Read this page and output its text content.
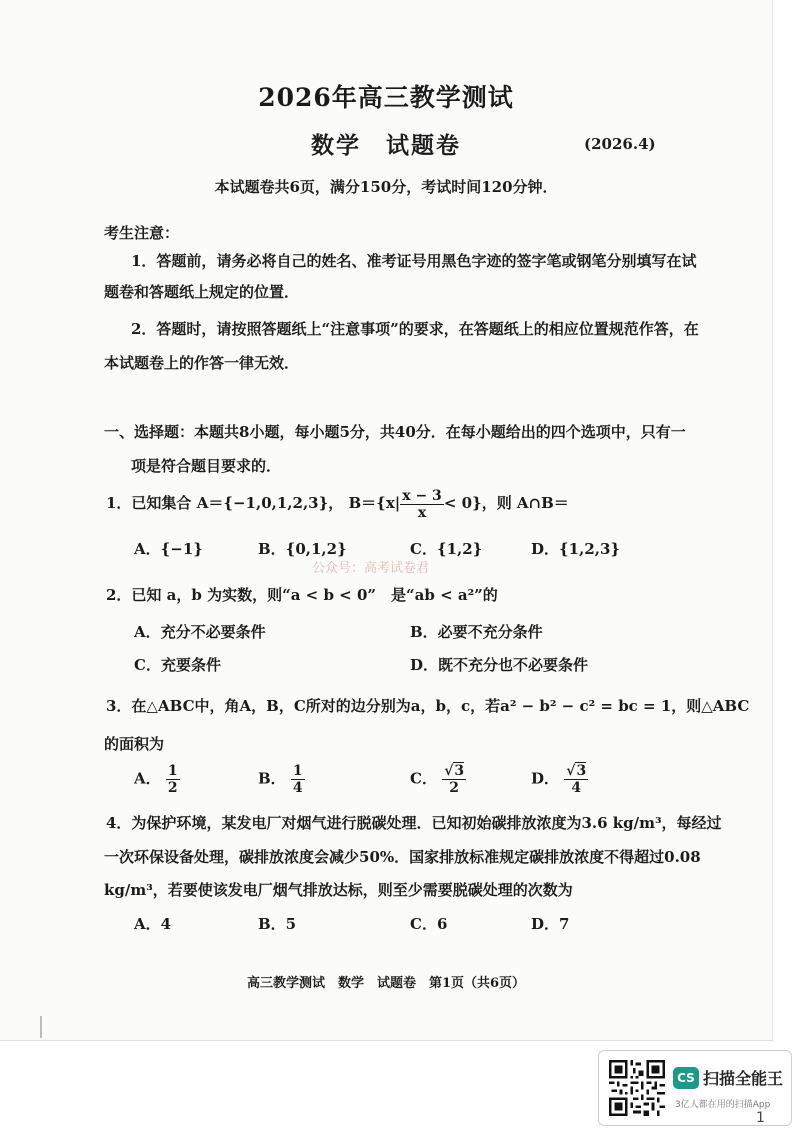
2026年高三教学测试
数学　试题卷	(2026.4)
本试题卷共6页，满分150分，考试时间120分钟．
考生注意：
1．答题前，请务必将自己的姓名、准考证号用黑色字迹的签字笔或钢笔分别填写在试
题卷和答题纸上规定的位置．
2．答题时，请按照答题纸上“注意事项”的要求，在答题纸上的相应位置规范作答，在
本试题卷上的作答一律无效．
一、选择题：本题共8小题，每小题5分，共40分．在每小题给出的四个选项中，只有一
项是符合题目要求的．
1．已知集合 A＝{−1,0,1,2,3}， $B=\{x| \frac{x - 3}{x} < 0\}$，则 A∩B＝
A．{−1}	B．{0,1,2}	C．{1,2}	D．{1,2,3}
公众号：高考试卷君
2．已知 a，b 为实数，则“a < b < 0”　是“ab < a²”的
A．充分不必要条件	B．必要不充分条件
C．充要条件	D．既不充分也不必要条件
3．在△ABC中，角A，B，C所对的边分别为a，b，c，若a² − b² − c² = bc = 1，则△ABC
的面积为
A． $\frac{1}{2}$	B． $\frac{1}{4}$	C． $\frac{√3}{2}$	D． $\frac{√3}{4}$
4．为保护环境，某发电厂对烟气进行脱碳处理．已知初始碳排放浓度为3.6 kg/m³，每经过
一次环保设备处理，碳排放浓度会减少50%．国家排放标准规定碳排放浓度不得超过0.08
kg/m³，若要使该发电厂烟气排放达标，则至少需要脱碳处理的次数为
A．4	B．5	C．6	D．7
高三教学测试　数学　试题卷　第1页（共6页）
CS 扫描全能王
3亿人都在用的扫描App
1
